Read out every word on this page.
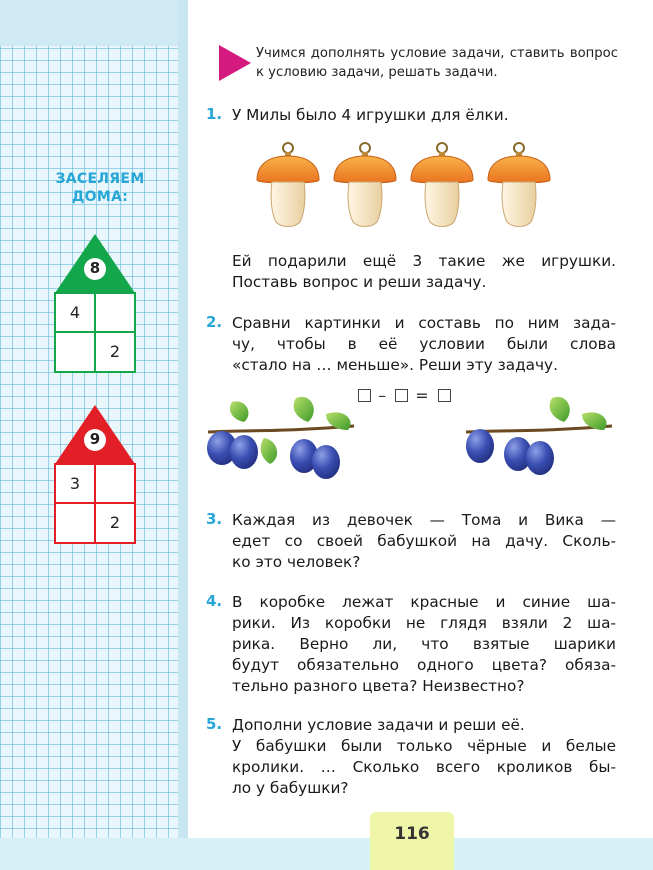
ЗАСЕЛЯЕМ
ДОМА:
8
4
2
9
3
2
Учимся дополнять условие задачи, ставить вопрос к условию задачи, решать задачи.
1. У Милы было 4 игрушки для ёлки.
Ей подарили ещё 3 такие же игрушки.
Поставь вопрос и реши задачу.
2. Сравни картинки и составь по ним зада-
чу, чтобы в её условии были слова
«стало на … меньше». Реши эту задачу.
– =
3. Каждая из девочек — Тома и Вика —
едет со своей бабушкой на дачу. Сколь-
ко это человек?
4. В коробке лежат красные и синие ша-
рики. Из коробки не глядя взяли 2 ша-
рика. Верно ли, что взятые шарики
будут обязательно одного цвета? обяза-
тельно разного цвета? Неизвестно?
5. Дополни условие задачи и реши её.
У бабушки были только чёрные и белые
кролики. … Сколько всего кроликов бы-
ло у бабушки?
116
